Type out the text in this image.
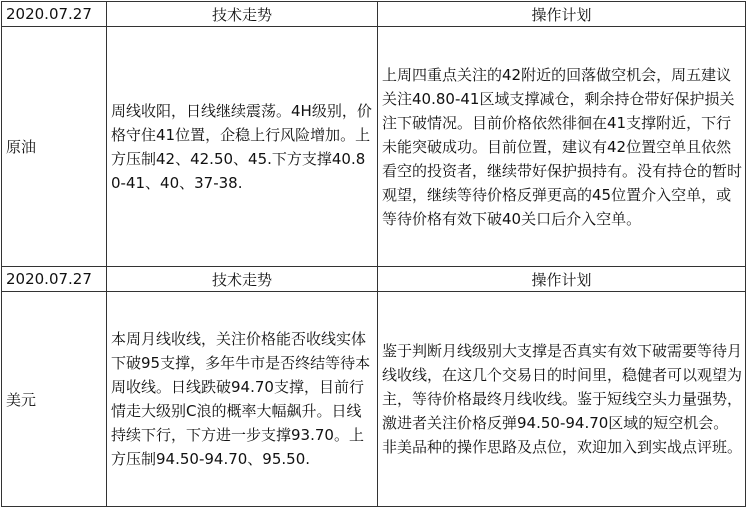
2020.07.27	技术走势	操作计划
原油	周线收阳，日线继续震荡。4H级别，价格守住41位置，企稳上行风险增加。上方压制42、42.50、45.下方支撑40.80-41、40、37-38.	上周四重点关注的42附近的回落做空机会，周五建议关注40.80-41区域支撑减仓，剩余持仓带好保护损关注下破情况。目前价格依然徘徊在41支撑附近，下行未能突破成功。目前位置，建议有42位置空单且依然看空的投资者，继续带好保护损持有。没有持仓的暂时观望，继续等待价格反弹更高的45位置介入空单，或等待价格有效下破40关口后介入空单。
2020.07.27	技术走势	操作计划
美元	本周月线收线，关注价格能否收线实体下破95支撑，多年牛市是否终结等待本周收线。日线跌破94.70支撑，目前行情走大级别C浪的概率大幅飙升。日线持续下行，下方进一步支撑93.70。上方压制94.50-94.70、95.50.	鉴于判断月线级别大支撑是否真实有效下破需要等待月线收线，在这几个交易日的时间里，稳健者可以观望为主，等待价格最终月线收线。鉴于短线空头力量强势，激进者关注价格反弹94.50-94.70区域的短空机会。非美品种的操作思路及点位，欢迎加入到实战点评班。
